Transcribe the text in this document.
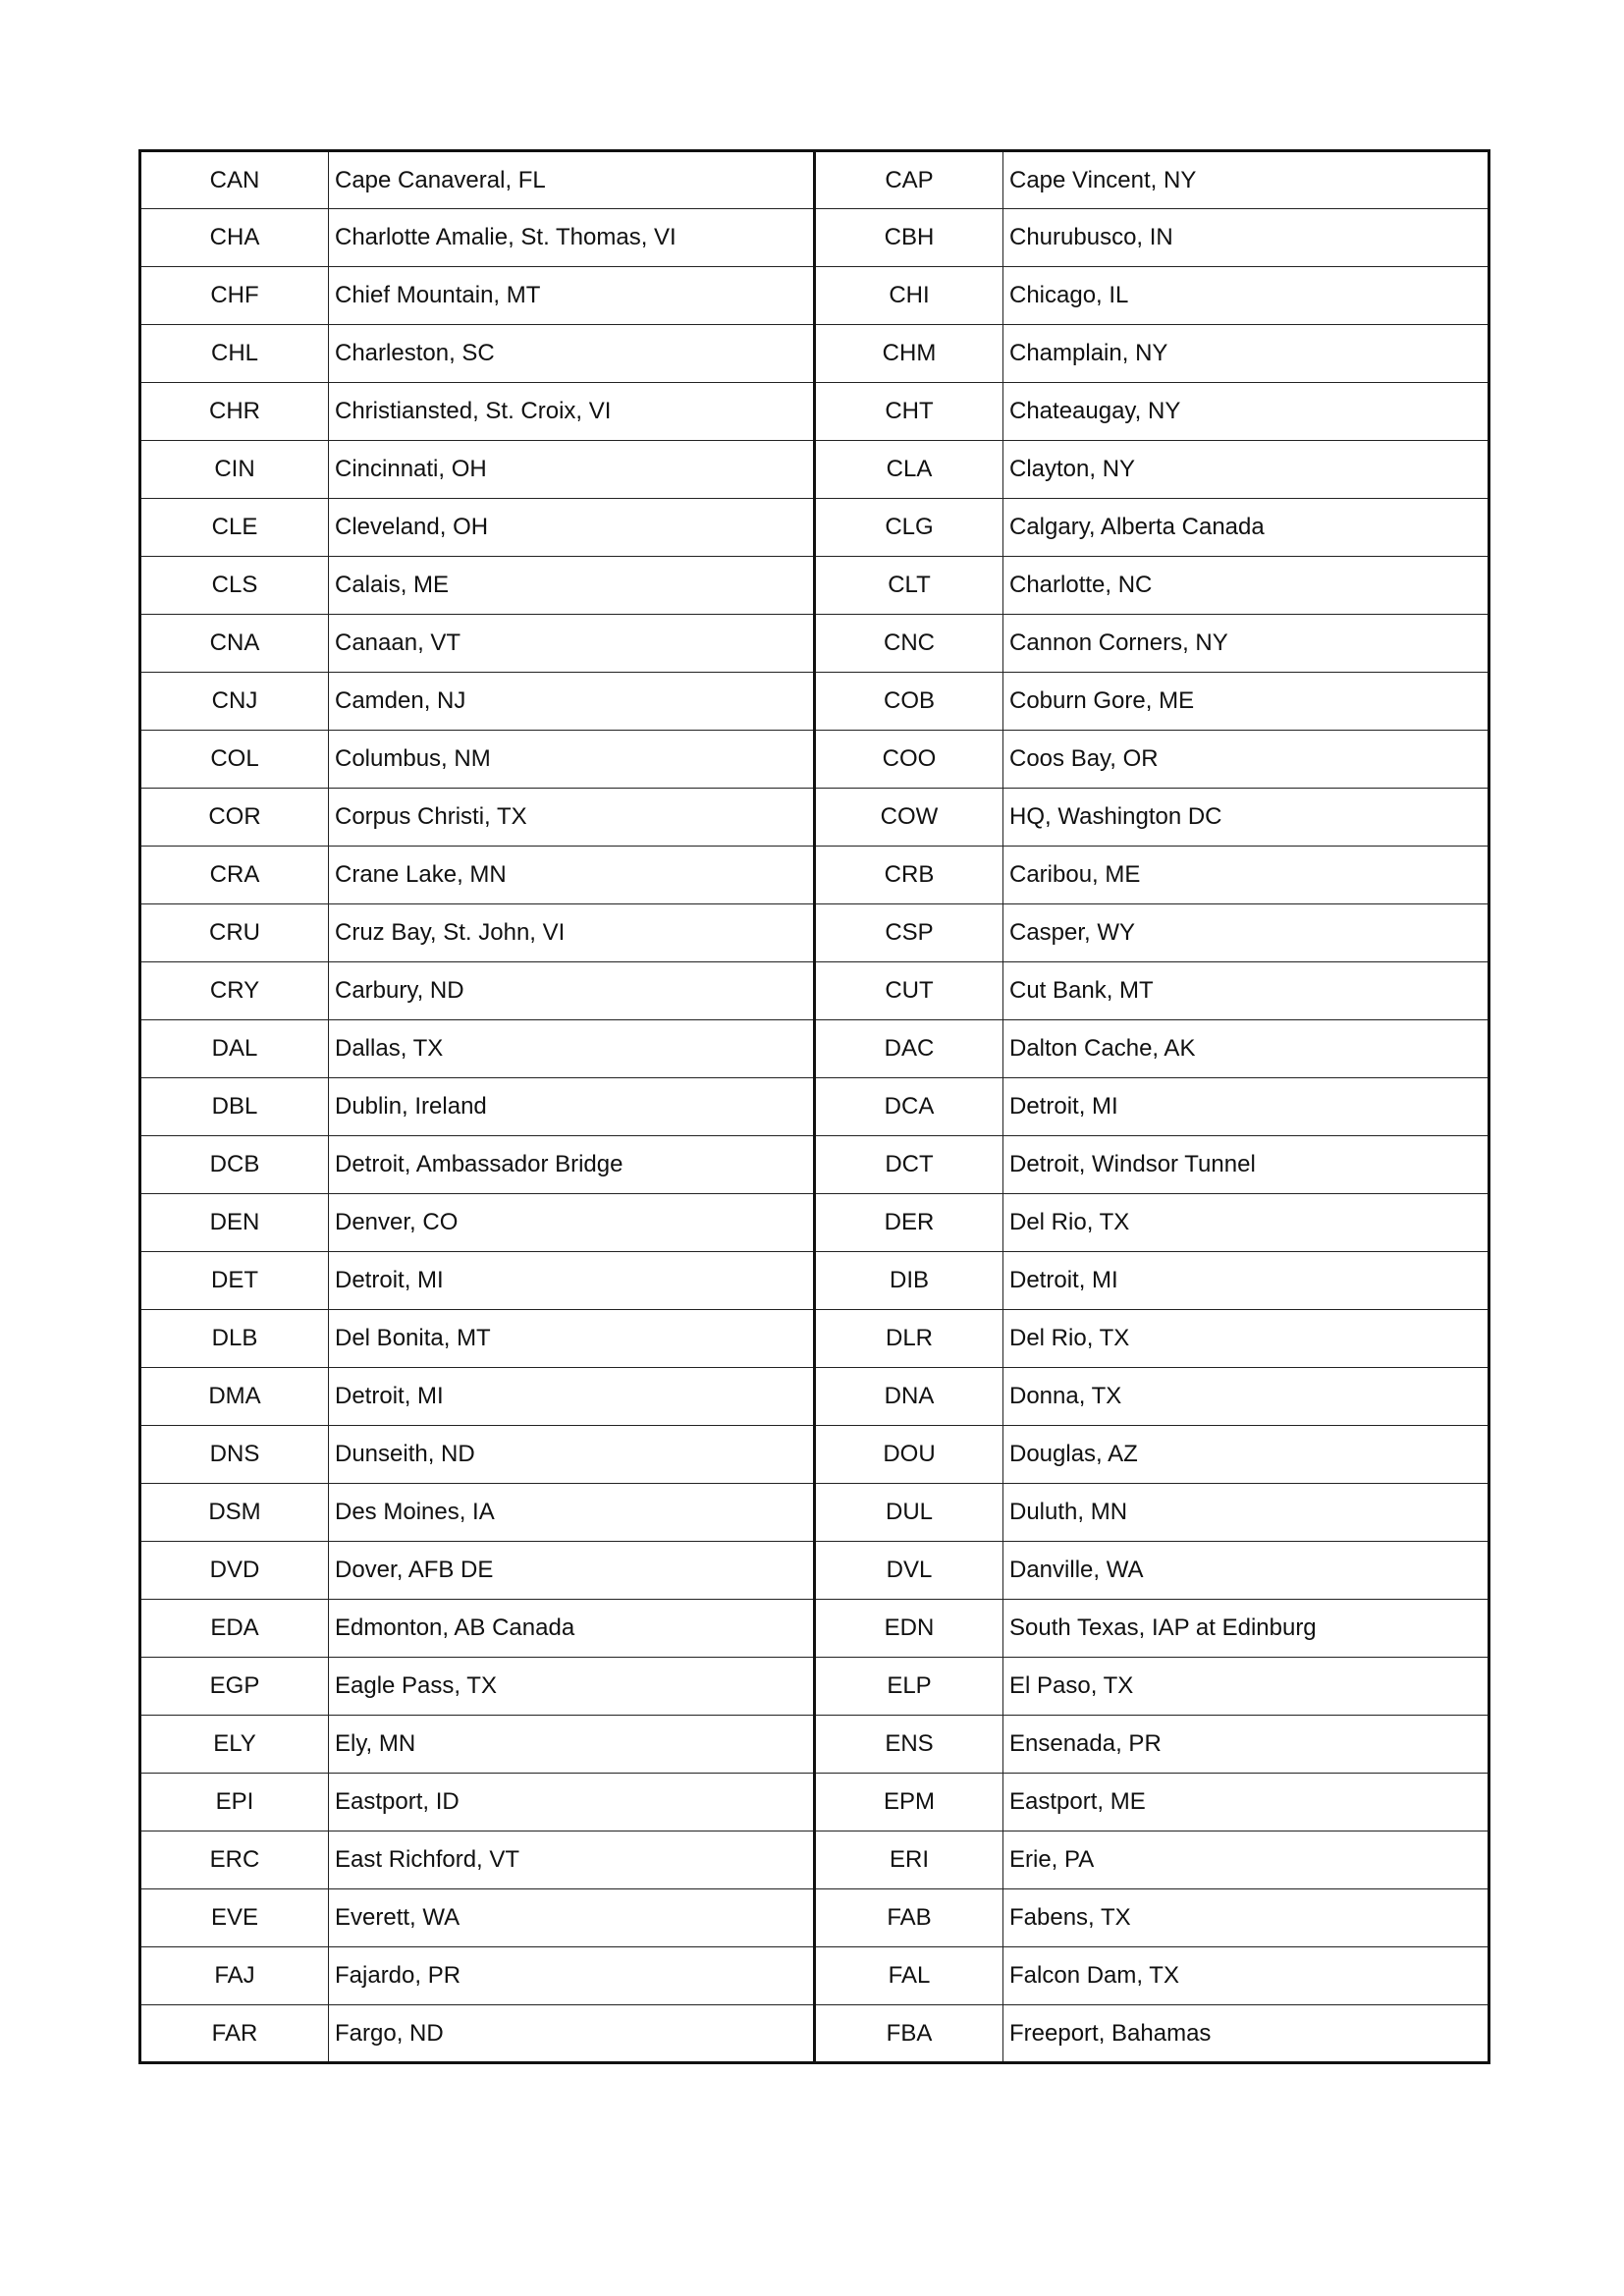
CAN	Cape Canaveral, FL	CAP	Cape Vincent, NY
CHA	Charlotte Amalie, St. Thomas, VI	CBH	Churubusco, IN
CHF	Chief Mountain, MT	CHI	Chicago, IL
CHL	Charleston, SC	CHM	Champlain, NY
CHR	Christiansted, St. Croix, VI	CHT	Chateaugay, NY
CIN	Cincinnati, OH	CLA	Clayton, NY
CLE	Cleveland, OH	CLG	Calgary, Alberta Canada
CLS	Calais, ME	CLT	Charlotte, NC
CNA	Canaan, VT	CNC	Cannon Corners, NY
CNJ	Camden, NJ	COB	Coburn Gore, ME
COL	Columbus, NM	COO	Coos Bay, OR
COR	Corpus Christi, TX	COW	HQ, Washington DC
CRA	Crane Lake, MN	CRB	Caribou, ME
CRU	Cruz Bay, St. John, VI	CSP	Casper, WY
CRY	Carbury, ND	CUT	Cut Bank, MT
DAL	Dallas, TX	DAC	Dalton Cache, AK
DBL	Dublin, Ireland	DCA	Detroit, MI
DCB	Detroit, Ambassador Bridge	DCT	Detroit, Windsor Tunnel
DEN	Denver, CO	DER	Del Rio, TX
DET	Detroit, MI	DIB	Detroit, MI
DLB	Del Bonita, MT	DLR	Del Rio, TX
DMA	Detroit, MI	DNA	Donna, TX
DNS	Dunseith, ND	DOU	Douglas, AZ
DSM	Des Moines, IA	DUL	Duluth, MN
DVD	Dover, AFB DE	DVL	Danville, WA
EDA	Edmonton, AB Canada	EDN	South Texas, IAP at Edinburg
EGP	Eagle Pass, TX	ELP	El Paso, TX
ELY	Ely, MN	ENS	Ensenada, PR
EPI	Eastport, ID	EPM	Eastport, ME
ERC	East Richford, VT	ERI	Erie, PA
EVE	Everett, WA	FAB	Fabens, TX
FAJ	Fajardo, PR	FAL	Falcon Dam, TX
FAR	Fargo, ND	FBA	Freeport, Bahamas
